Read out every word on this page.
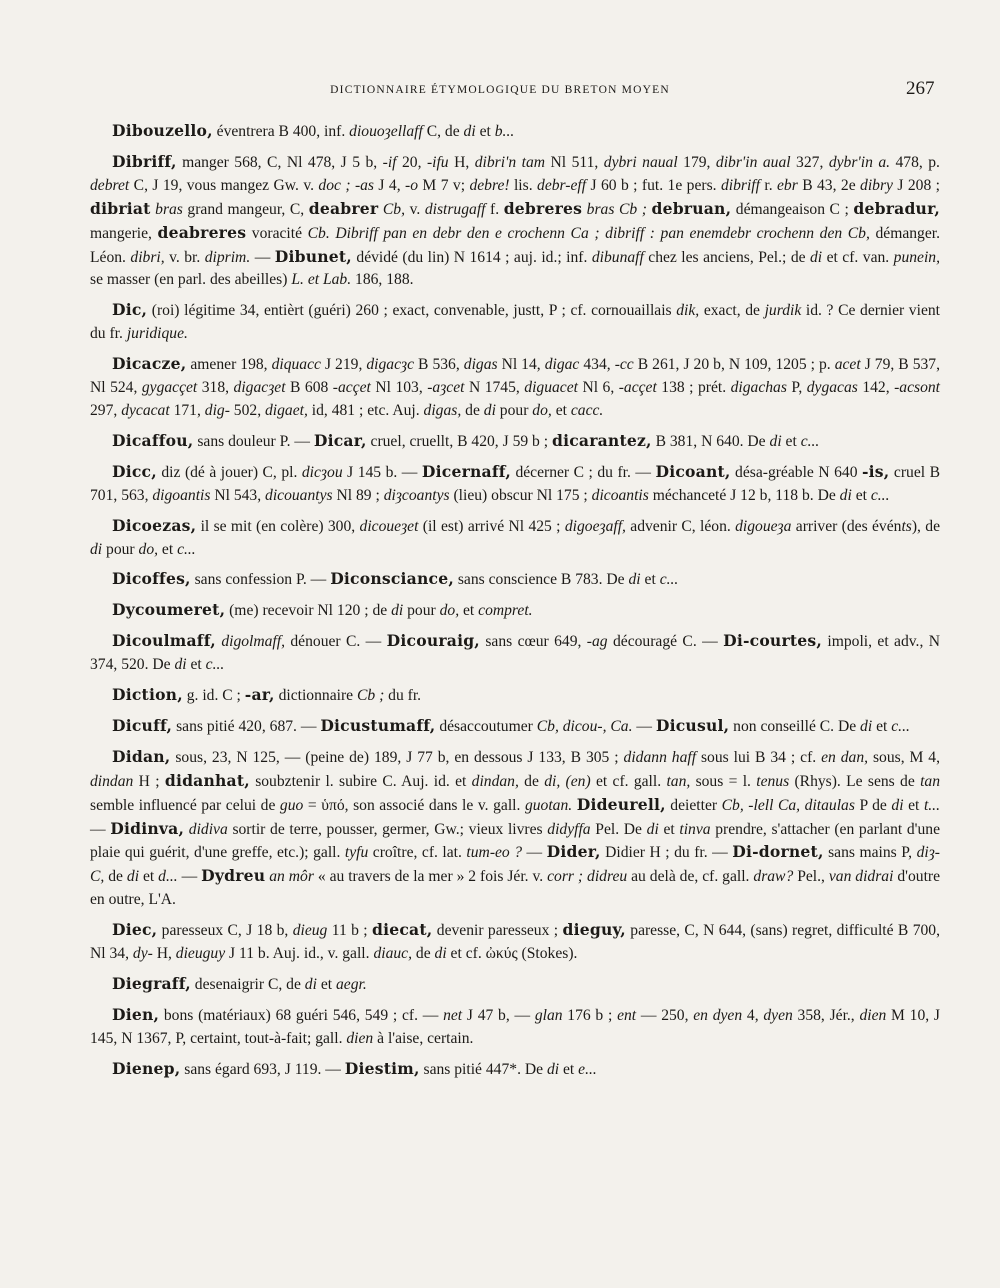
DICTIONNAIRE ÉTYMOLOGIQUE DU BRETON MOYEN	267

Dibouzello, éventrera B 400, inf. diouoȝellaff C, de di et b...

Dibriff, manger 568, C, Nl 478, J 5 b, -if 20, -ifu H, dibri'n tam Nl 511, dybri naual 179, dibr'in aual 327, dybr'in a. 478, p. debret C, J 19, vous mangez Gw. v. doc ; -as J 4, -o M 7 v; debre! lis. debr-eff J 60 b ; fut. 1e pers. dibriff r. ebr B 43, 2e dibry J 208 ; dibriat bras grand mangeur, C, deabrer Cb, v. distrugaff f. debreres bras Cb ; debruan, démangeaison C ; debradur, mangerie, deabreres voracité Cb. Dibriff pan en debr den e crochenn Ca ; dibriff : pan enemdebr crochenn den Cb, démanger. Léon. dibri, v. br. diprim. — Dibunet, dévidé (du lin) N 1614 ; auj. id.; inf. dibunaff chez les anciens, Pel.; de di et cf. van. punein, se masser (en parl. des abeilles) L. et Lab. 186, 188.

Dic, (roi) légitime 34, entièrt (guéri) 260 ; exact, convenable, justt, P ; cf. cornouaillais dik, exact, de jurdik id. ? Ce dernier vient du fr. juridique.

Dicacze, amener 198, diquacc J 219, digacȝc B 536, digas Nl 14, digac 434, -cc B 261, J 20 b, N 109, 1205 ; p. acet J 79, B 537, Nl 524, gygacçet 318, digacȝet B 608 -acçet Nl 103, -aȝcet N 1745, diguacet Nl 6, -acçet 138 ; prét. digachas P, dygacas 142, -acsont 297, dycacat 171, dig- 502, digaet, id, 481 ; etc. Auj. digas, de di pour do, et cacc.

Dicaffou, sans douleur P. — Dicar, cruel, cruellt, B 420, J 59 b ; dicarantez, B 381, N 640. De di et c...

Dicc, diz (dé à jouer) C, pl. dicȝou J 145 b. — Dicernaff, décerner C ; du fr. — Dicoant, désa-gréable N 640 -is, cruel B 701, 563, digoantis Nl 543, dicouantys Nl 89 ; diȝcoantys (lieu) obscur Nl 175 ; dicoantis méchanceté J 12 b, 118 b. De di et c...

Dicoezas, il se mit (en colère) 300, dicoueȝet (il est) arrivé Nl 425 ; digoeȝaff, advenir C, léon. digoueȝa arriver (des événts), de di pour do, et c...

Dicoffes, sans confession P. — Diconsciance, sans conscience B 783. De di et c...

Dycoumeret, (me) recevoir Nl 120 ; de di pour do, et compret.

Dicoulmaff, digolmaff, dénouer C. — Dicouraig, sans cœur 649, -ag découragé C. — Di-courtes, impoli, et adv., N 374, 520. De di et c...

Diction, g. id. C ; -ar, dictionnaire Cb ; du fr.

Dicuff, sans pitié 420, 687. — Dicustumaff, désaccoutumer Cb, dicou-, Ca. — Dicusul, non conseillé C. De di et c...

Didan, sous, 23, N 125, — (peine de) 189, J 77 b, en dessous J 133, B 305 ; didann haff sous lui B 34 ; cf. en dan, sous, M 4, dindan H ; didanhat, soubztenir l. subire C. Auj. id. et dindan, de di, (en) et cf. gall. tan, sous = l. tenus (Rhys). Le sens de tan semble influencé par celui de guo = ὑπό, son associé dans le v. gall. guotan. Dideurell, deietter Cb, -lell Ca, ditaulas P de di et t... — Didinva, didiva sortir de terre, pousser, germer, Gw.; vieux livres didyffa Pel. De di et tinva prendre, s'attacher (en parlant d'une plaie qui guérit, d'une greffe, etc.); gall. tyfu croître, cf. lat. tum-eo ? — Dider, Didier H ; du fr. — Di-dornet, sans mains P, diȝ- C, de di et d... — Dydreu an môr « au travers de la mer » 2 fois Jér. v. corr ; didreu au delà de, cf. gall. draw? Pel., van didrai d'outre en outre, L'A.

Diec, paresseux C, J 18 b, dieug 11 b ; diecat, devenir paresseux ; dieguy, paresse, C, N 644, (sans) regret, difficulté B 700, Nl 34, dy- H, dieuguy J 11 b. Auj. id., v. gall. diauc, de di et cf. ὠκύς (Stokes).

Diegraff, desenaigrir C, de di et aegr.

Dien, bons (matériaux) 68 guéri 546, 549 ; cf. — net J 47 b, — glan 176 b ; ent — 250, en dyen 4, dyen 358, Jér., dien M 10, J 145, N 1367, P, certaint, tout-à-fait; gall. dien à l'aise, certain.

Dienep, sans égard 693, J 119. — Diestim, sans pitié 447*. De di et e...
